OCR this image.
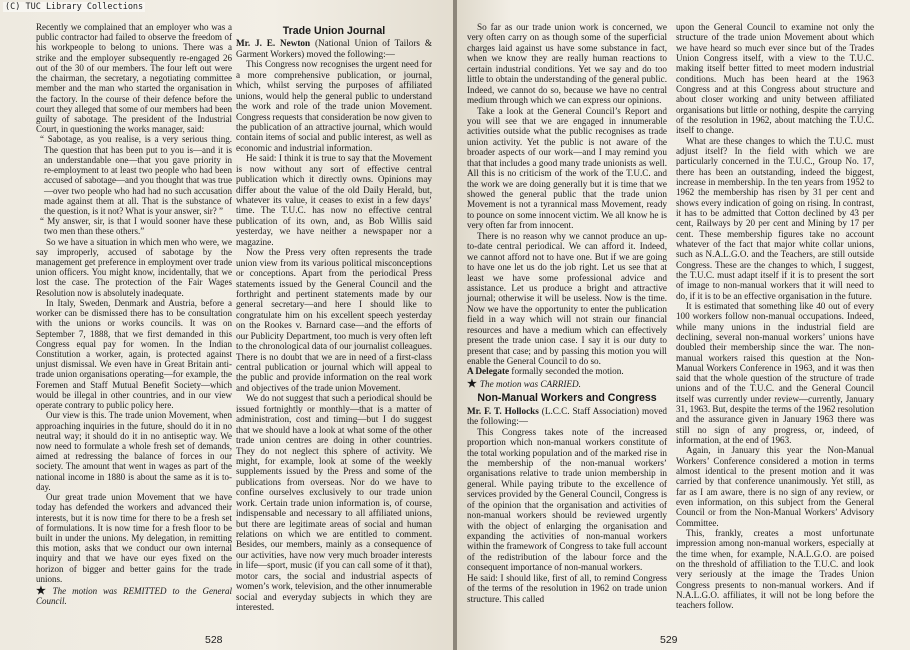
(C) TUC Library Collections

Recently we complained that an employer who was a public contractor had failed to observe the freedom of his workpeople to belong to unions. There was a strike and the employer subsequently re-engaged 26 out of the 30 of our members. The four left out were the chairman, the secretary, a negotiating committee member and the man who started the organisation in the factory. In the course of their defence before the court they alleged that some of our members had been guilty of sabotage. The president of the Industrial Court, in questioning the works manager, said:

“ Sabotage, as you realise, is a very serious thing. The question that has been put to you is—and it is an understandable one—that you gave priority in re-employment to at least two people who had been accused of sabotage—and you thought that was true—over two people who had had no such accusation made against them at all. That is the substance of the question, is it not? What is your answer, sir? ”

“ My answer, sir, is that I would sooner have these two men than these others.”

So we have a situation in which men who were, we say improperly, accused of sabotage by the management get preference in employment over trade union officers. You might know, incidentally, that we lost the case. The protection of the Fair Wages Resolution now is absolutely inadequate.

In Italy, Sweden, Denmark and Austria, before a worker can be dismissed there has to be consultation with the unions or works councils. It was on September 7, 1888, that we first demanded in this Congress equal pay for women. In the Indian Constitution a worker, again, is protected against unjust dismissal. We even have in Great Britain anti-trade union organisations operating—for example, the Foremen and Staff Mutual Benefit Society—which would be illegal in other countries, and in our view operate contrary to public policy here.

Our view is this. The trade union Movement, when approaching inquiries in the future, should do it in no neutral way; it should do it in no antiseptic way. We now need to formulate a whole fresh set of demands, aimed at redressing the balance of forces in our society. The amount that went in wages as part of the national income in 1880 is about the same as it is to-day.

Our great trade union Movement that we have today has defended the workers and advanced their interests, but it is now time for there to be a fresh set of formulations. It is now time for a fresh floor to be built in under the unions. My delegation, in remitting this motion, asks that we conduct our own internal inquiry and that we have our eyes fixed on the horizon of bigger and better gains for the trade unions.

★ The motion was REMITTED to the General Council.

Trade Union Journal

Mr. J. E. Newton (National Union of Tailors & Garment Workers) moved the following:—

This Congress now recognises the urgent need for a more comprehensive publication, or journal, which, whilst serving the purposes of affiliated unions, would help the general public to understand the work and role of the trade union Movement. Congress requests that consideration be now given to the publication of an attractive journal, which would contain items of social and public interest, as well as economic and industrial information.

He said: I think it is true to say that the Movement is now without any sort of effective central publication which it directly owns. Opinions may differ about the value of the old Daily Herald, but, whatever its value, it ceases to exist in a few days’ time. The T.U.C. has now no effective central publication of its own, and, as Bob Willis said yesterday, we have neither a newspaper nor a magazine.

Now the Press very often represents the trade union view from its various political misconceptions or conceptions. Apart from the periodical Press statements issued by the General Council and the forthright and pertinent statements made by our general secretary—and here I should like to congratulate him on his excellent speech yesterday on the Rookes v. Barnard case—and the efforts of our Publicity Department, too much is very often left to the chronological data of our journalist colleagues. There is no doubt that we are in need of a first-class central publication or journal which will appeal to the public and provide information on the real work and objectives of the trade union Movement.

We do not suggest that such a periodical should be issued fortnightly or monthly—that is a matter of administration, cost and timing—but I do suggest that we should have a look at what some of the other trade union centres are doing in other countries. They do not neglect this sphere of activity. We might, for example, look at some of the weekly supplements issued by the Press and some of the publications from overseas. Nor do we have to confine ourselves exclusively to our trade union work. Certain trade union information is, of course, indispensable and necessary to all affiliated unions, but there are legitimate areas of social and human relations on which we are entitled to comment. Besides, our members, mainly as a consequence of our activities, have now very much broader interests in life—sport, music (if you can call some of it that), motor cars, the social and industrial aspects of women’s work, television, and the other innumerable social and everyday subjects in which they are interested.

528

So far as our trade union work is concerned, we very often carry on as though some of the superficial charges laid against us have some substance in fact, when we know they are really human reactions to certain industrial conditions. Yet we say and do too little to obtain the understanding of the general public. Indeed, we cannot do so, because we have no central medium through which we can express our opinions.

Take a look at the General Council’s Report and you will see that we are engaged in innumerable activities outside what the public recognises as trade union activity. Yet the public is not aware of the broader aspects of our work—and I may remind you that that includes a good many trade unionists as well. All this is no criticism of the work of the T.U.C. and the work we are doing generally but it is time that we showed the general public that the trade union Movement is not a tyrannical mass Movement, ready to pounce on some innocent victim. We all know he is very often far from innocent.

There is no reason why we cannot produce an up-to-date central periodical. We can afford it. Indeed, we cannot afford not to have one. But if we are going to have one let us do the job right. Let us see that at least we have some professional advice and assistance. Let us produce a bright and attractive journal; otherwise it will be useless. Now is the time. Now we have the opportunity to enter the publication field in a way which will not strain our financial resources and have a medium which can effectively present the trade union case. I say it is our duty to present that case; and by passing this motion you will enable the General Council to do so.

A Delegate formally seconded the motion.

★ The motion was CARRIED.

Non-Manual Workers and Congress

Mr. F. T. Hollocks (L.C.C. Staff Association) moved the following:—

This Congress takes note of the increased proportion which non-manual workers constitute of the total working population and of the marked rise in the membership of the non-manual workers’ organisations relative to trade union membership in general. While paying tribute to the excellence of services provided by the General Council, Congress is of the opinion that the organisation and activities of non-manual workers should be reviewed urgently with the object of enlarging the organisation and expanding the activities of non-manual workers within the framework of Congress to take full account of the redistribution of the labour force and the consequent importance of non-manual workers.

He said: I should like, first of all, to remind Congress of the terms of the resolution in 1962 on trade union structure. This called

upon the General Council to examine not only the structure of the trade union Movement about which we have heard so much ever since but of the Trades Union Congress itself, with a view to the T.U.C. making itself better fitted to meet modern industrial conditions. Much has been heard at the 1963 Congress and at this Congress about structure and about closer working and unity between affiliated organisations but little or nothing, despite the carrying of the resolution in 1962, about matching the T.U.C. itself to change.

What are these changes to which the T.U.C. must adjust itself? In the field with which we are particularly concerned in the T.U.C., Group No. 17, there has been an outstanding, indeed the biggest, increase in membership. In the ten years from 1952 to 1962 the membership has risen by 31 per cent and shows every indication of going on rising. In contrast, it has to be admitted that Cotton declined by 43 per cent, Railways by 20 per cent and Mining by 17 per cent. These membership figures take no account whatever of the fact that major white collar unions, such as N.A.L.G.O. and the Teachers, are still outside Congress. These are the changes to which, I suggest, the T.U.C. must adapt itself if it is to present the sort of image to non-manual workers that it will need to do, if it is to be an effective organisation in the future.

It is estimated that something like 40 out of every 100 workers follow non-manual occupations. Indeed, while many unions in the industrial field are declining, several non-manual workers’ unions have doubled their membership since the war. The non-manual workers raised this question at the Non-Manual Workers Conference in 1963, and it was then said that the whole question of the structure of trade unions and of the T.U.C. and the General Council itself was currently under review—currently, January 31, 1963. But, despite the terms of the 1962 resolution and the assurance given in January 1963 there was still no sign of any progress, or, indeed, of information, at the end of 1963.

Again, in January this year the Non-Manual Workers’ Conference considered a motion in terms almost identical to the present motion and it was carried by that conference unanimously. Yet still, as far as I am aware, there is no sign of any review, or even information, on this subject from the General Council or from the Non-Manual Workers’ Advisory Committee.

This, frankly, creates a most unfortunate impression among non-manual workers, especially at the time when, for example, N.A.L.G.O. are poised on the threshold of affiliation to the T.U.C. and look very seriously at the image the Trades Union Congress presents to non-manual workers. And if N.A.L.G.O. affiliates, it will not be long before the teachers follow.

529
